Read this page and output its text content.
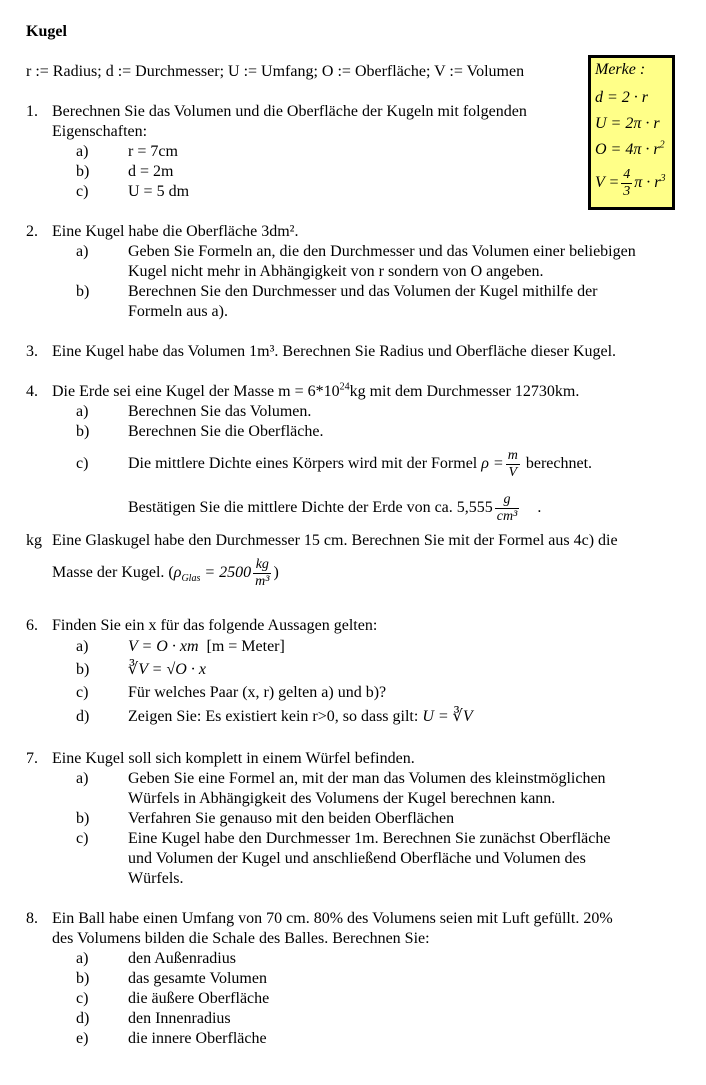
Kugel
r := Radius; d := Durchmesser; U := Umfang; O := Oberfläche; V := Volumen	Merke :
d = 2 · r
U = 2π · r
$O = 4\pi \cdot r^2$
$V = \frac{4}{3}$ $\pi \cdot r^3$
1. Berechnen Sie das Volumen und die Oberfläche der Kugeln mit folgenden
Eigenschaften:
a) r = 7cm
b) d = 2m
c) U = 5 dm
2. Eine Kugel habe die Oberfläche 3dm².
a) Geben Sie Formeln an, die den Durchmesser und das Volumen einer beliebigen
Kugel nicht mehr in Abhängigkeit von r sondern von O angeben.
b) Berechnen Sie den Durchmesser und das Volumen der Kugel mithilfe der
Formeln aus a).
3. Eine Kugel habe das Volumen 1m³. Berechnen Sie Radius und Oberfläche dieser Kugel.
4. Die Erde sei eine Kugel der Masse $m = 6*10^{24}kg$ mit dem Durchmesser 12730km.
a) Berechnen Sie das Volumen.
b) Berechnen Sie die Oberfläche.
c) Die mittlere Dichte eines Körpers wird mit der Formel $\rho = \frac{m}{V}$ berechnet.
Bestätigen Sie die mittlere Dichte der Erde von ca. $5,555 \frac{g}{\text{cm³}}$ .
kg Eine Glaskugel habe den Durchmesser 15 cm. Berechnen Sie mit der Formel aus 4c) die
Masse der Kugel. ($\rho_{Glas} = 2500 \frac{kg}{\text{m³}}$ )
6. Finden Sie ein x für das folgende Aussagen gelten:
a) V = O · xm [m = Meter]
b) ∛V = √O · x
c) Für welches Paar (x, r) gelten a) und b)?
d) Zeigen Sie: Es existiert kein r>0, so dass gilt: U = ∛V
7. Eine Kugel soll sich komplett in einem Würfel befinden.
a) Geben Sie eine Formel an, mit der man das Volumen des kleinstmöglichen
Würfels in Abhängigkeit des Volumens der Kugel berechnen kann.
b) Verfahren Sie genauso mit den beiden Oberflächen
c) Eine Kugel habe den Durchmesser 1m. Berechnen Sie zunächst Oberfläche
und Volumen der Kugel und anschließend Oberfläche und Volumen des
Würfels.
8. Ein Ball habe einen Umfang von 70 cm. 80% des Volumens seien mit Luft gefüllt. 20%
des Volumens bilden die Schale des Balles. Berechnen Sie:
a) den Außenradius
b) das gesamte Volumen
c) die äußere Oberfläche
d) den Innenradius
e) die innere Oberfläche
